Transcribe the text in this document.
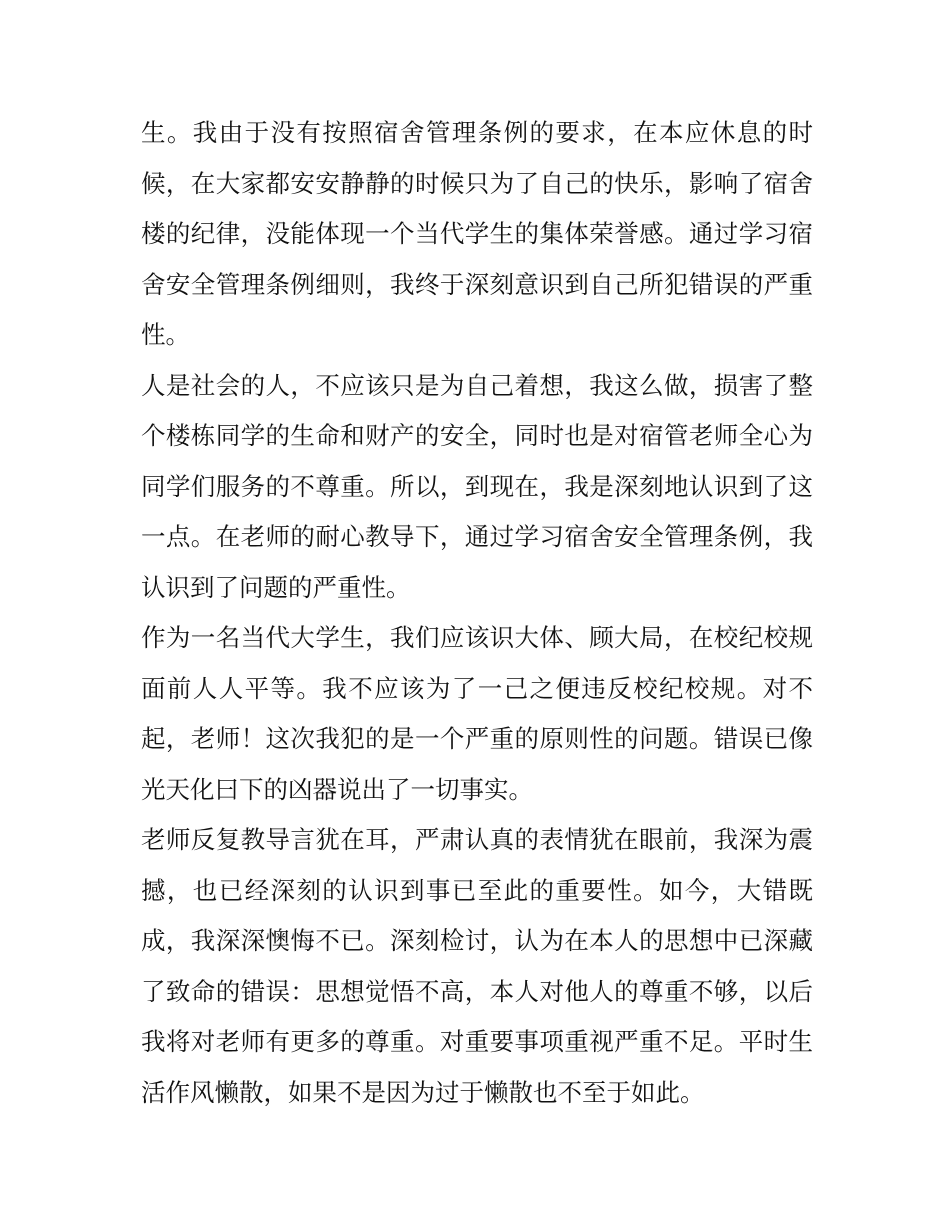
生。我由于没有按照宿舍管理条例的要求，在本应休息的时
候，在大家都安安静静的时候只为了自己的快乐，影响了宿舍
楼的纪律，没能体现一个当代学生的集体荣誉感。通过学习宿
舍安全管理条例细则，我终于深刻意识到自己所犯错误的严重
性。
人是社会的人，不应该只是为自己着想，我这么做，损害了整
个楼栋同学的生命和财产的安全，同时也是对宿管老师全心为
同学们服务的不尊重。所以，到现在，我是深刻地认识到了这
一点。在老师的耐心教导下，通过学习宿舍安全管理条例，我
认识到了问题的严重性。
作为一名当代大学生，我们应该识大体、顾大局，在校纪校规
面前人人平等。我不应该为了一己之便违反校纪校规。对不
起，老师！这次我犯的是一个严重的原则性的问题。错误已像
光天化曰下的凶器说出了一切事实。
老师反复教导言犹在耳，严肃认真的表情犹在眼前，我深为震
撼，也已经深刻的认识到事已至此的重要性。如今，大错既
成，我深深懊悔不已。深刻检讨，认为在本人的思想中已深藏
了致命的错误：思想觉悟不高，本人对他人的尊重不够，以后
我将对老师有更多的尊重。对重要事项重视严重不足。平时生
活作风懒散，如果不是因为过于懒散也不至于如此。
